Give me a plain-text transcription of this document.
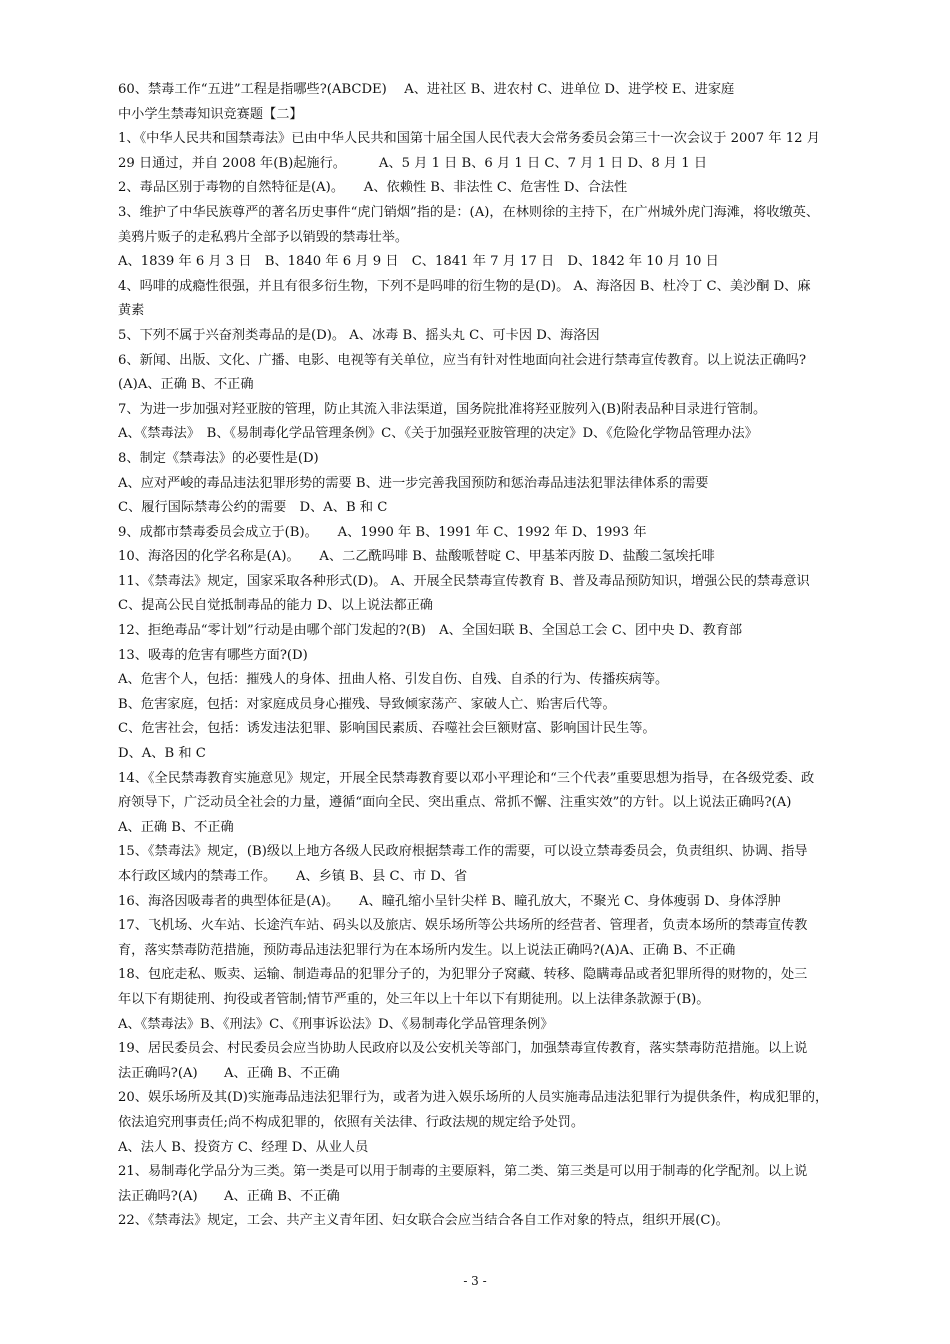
60、禁毒工作“五进”工程是指哪些?(ABCDE)　 A、进社区 B、进农村 C、进单位 D、进学校 E、进家庭
中小学生禁毒知识竞赛题【二】
1、《中华人民共和国禁毒法》已由中华人民共和国第十届全国人民代表大会常务委员会第三十一次会议于 2007 年 12 月
29 日通过，并自 2008 年(B)起施行。　　　A、5 月 1 日 B、6 月 1 日 C、7 月 1 日 D、8 月 1 日
2、毒品区别于毒物的自然特征是(A)。　　A、依赖性 B、非法性 C、危害性 D、合法性
3、维护了中华民族尊严的著名历史事件“虎门销烟”指的是：(A)，在林则徐的主持下，在广州城外虎门海滩，将收缴英、
美鸦片贩子的走私鸦片全部予以销毁的禁毒壮举。
A、1839 年 6 月 3 日　B、1840 年 6 月 9 日　C、1841 年 7 月 17 日　D、1842 年 10 月 10 日
4、吗啡的成瘾性很强，并且有很多衍生物，下列不是吗啡的衍生物的是(D)。 A、海洛因 B、杜冷丁 C、美沙酮 D、麻
黄素
5、下列不属于兴奋剂类毒品的是(D)。 A、冰毒 B、摇头丸 C、可卡因 D、海洛因
6、新闻、出版、文化、广播、电影、电视等有关单位，应当有针对性地面向社会进行禁毒宣传教育。以上说法正确吗?
(A)A、正确 B、不正确
7、为进一步加强对羟亚胺的管理，防止其流入非法渠道，国务院批准将羟亚胺列入(B)附表品种目录进行管制。
A、《禁毒法》　B、《易制毒化学品管理条例》C、《关于加强羟亚胺管理的决定》D、《危险化学物品管理办法》
8、制定《禁毒法》的必要性是(D)
A、应对严峻的毒品违法犯罪形势的需要 B、进一步完善我国预防和惩治毒品违法犯罪法律体系的需要
C、履行国际禁毒公约的需要　D、A、B 和 C
9、成都市禁毒委员会成立于(B)。　　A、1990 年 B、1991 年 C、1992 年 D、1993 年
10、海洛因的化学名称是(A)。　　A、二乙酰吗啡 B、盐酸哌替啶 C、甲基苯丙胺 D、盐酸二氢埃托啡
11、《禁毒法》规定，国家采取各种形式(D)。 A、开展全民禁毒宣传教育 B、普及毒品预防知识，增强公民的禁毒意识
C、提高公民自觉抵制毒品的能力 D、以上说法都正确
12、拒绝毒品“零计划”行动是由哪个部门发起的?(B)　A、全国妇联 B、全国总工会 C、团中央 D、教育部
13、吸毒的危害有哪些方面?(D)
A、危害个人，包括：摧残人的身体、扭曲人格、引发自伤、自残、自杀的行为、传播疾病等。
B、危害家庭，包括：对家庭成员身心摧残、导致倾家荡产、家破人亡、贻害后代等。
C、危害社会，包括：诱发违法犯罪、影响国民素质、吞噬社会巨额财富、影响国计民生等。
D、A、B 和 C
14、《全民禁毒教育实施意见》规定，开展全民禁毒教育要以邓小平理论和“三个代表”重要思想为指导，在各级党委、政
府领导下，广泛动员全社会的力量，遵循“面向全民、突出重点、常抓不懈、注重实效”的方针。以上说法正确吗?(A)
A、正确 B、不正确
15、《禁毒法》规定，(B)级以上地方各级人民政府根据禁毒工作的需要，可以设立禁毒委员会，负责组织、协调、指导
本行政区域内的禁毒工作。　　A、乡镇 B、县 C、市 D、省
16、海洛因吸毒者的典型体征是(A)。　　A、瞳孔缩小呈针尖样 B、瞳孔放大，不聚光 C、身体瘦弱 D、身体浮肿
17、飞机场、火车站、长途汽车站、码头以及旅店、娱乐场所等公共场所的经营者、管理者，负责本场所的禁毒宣传教
育，落实禁毒防范措施，预防毒品违法犯罪行为在本场所内发生。以上说法正确吗?(A)A、正确 B、不正确
18、包庇走私、贩卖、运输、制造毒品的犯罪分子的，为犯罪分子窝藏、转移、隐瞒毒品或者犯罪所得的财物的，处三
年以下有期徒刑、拘役或者管制;情节严重的，处三年以上十年以下有期徒刑。以上法律条款源于(B)。
A、《禁毒法》B、《刑法》C、《刑事诉讼法》D、《易制毒化学品管理条例》
19、居民委员会、村民委员会应当协助人民政府以及公安机关等部门，加强禁毒宣传教育，落实禁毒防范措施。以上说
法正确吗?(A)　　A、正确 B、不正确
20、娱乐场所及其(D)实施毒品违法犯罪行为，或者为进入娱乐场所的人员实施毒品违法犯罪行为提供条件，构成犯罪的，
依法追究刑事责任;尚不构成犯罪的，依照有关法律、行政法规的规定给予处罚。
A、法人 B、投资方 C、经理 D、从业人员
21、易制毒化学品分为三类。第一类是可以用于制毒的主要原料，第二类、第三类是可以用于制毒的化学配剂。以上说
法正确吗?(A)　　A、正确 B、不正确
22、《禁毒法》规定，工会、共产主义青年团、妇女联合会应当结合各自工作对象的特点，组织开展(C)。
- 3 -
